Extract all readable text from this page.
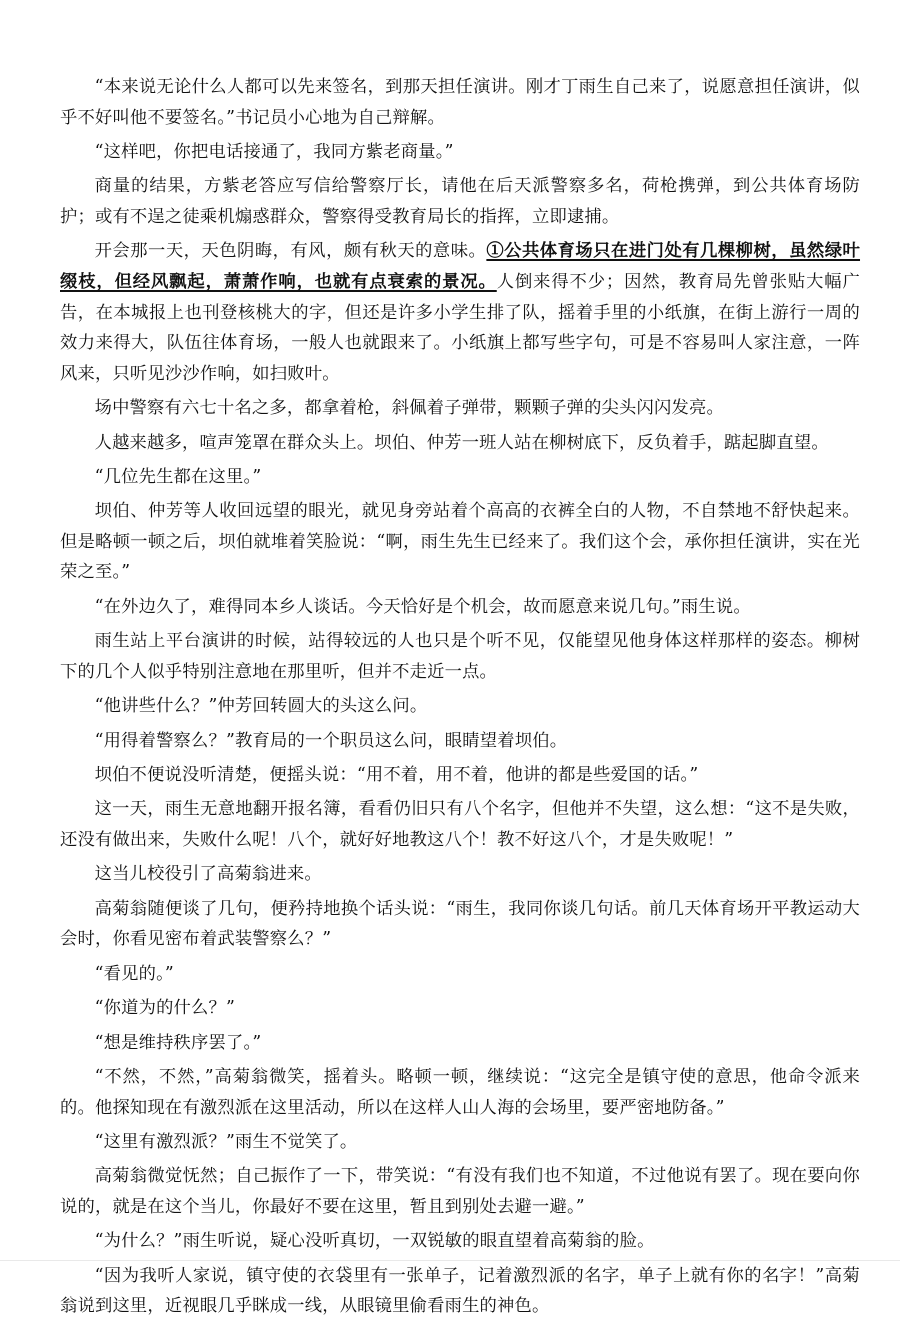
“本来说无论什么人都可以先来签名，到那天担任演讲。刚才丁雨生自己来了，说愿意担任演讲，似乎不好叫他不要签名。”书记员小心地为自己辩解。

“这样吧，你把电话接通了，我同方紫老商量。”

商量的结果，方紫老答应写信给警察厅长，请他在后天派警察多名，荷枪携弹，到公共体育场防护；或有不逞之徒乘机煽惑群众，警察得受教育局长的指挥，立即逮捕。

开会那一天，天色阴晦，有风，颇有秋天的意味。①公共体育场只在进门处有几棵柳树，虽然绿叶缀枝，但经风飘起，萧萧作响，也就有点衰索的景况。人倒来得不少；因然，教育局先曾张贴大幅广告，在本城报上也刊登核桃大的字，但还是许多小学生排了队，摇着手里的小纸旗，在街上游行一周的效力来得大，队伍往体育场，一般人也就跟来了。小纸旗上都写些字句，可是不容易叫人家注意，一阵风来，只听见沙沙作响，如扫败叶。

场中警察有六七十名之多，都拿着枪，斜佩着子弹带，颗颗子弹的尖头闪闪发亮。

人越来越多，喧声笼罩在群众头上。坝伯、仲芳一班人站在柳树底下，反负着手，踮起脚直望。

“几位先生都在这里。”

坝伯、仲芳等人收回远望的眼光，就见身旁站着个高高的衣裤全白的人物，不自禁地不舒快起来。但是略顿一顿之后，坝伯就堆着笑脸说：“啊，雨生先生已经来了。我们这个会，承你担任演讲，实在光荣之至。”

“在外边久了，难得同本乡人谈话。今天恰好是个机会，故而愿意来说几句。”雨生说。

雨生站上平台演讲的时候，站得较远的人也只是个听不见，仅能望见他身体这样那样的姿态。柳树下的几个人似乎特别注意地在那里听，但并不走近一点。

“他讲些什么？”仲芳回转圆大的头这么问。

“用得着警察么？”教育局的一个职员这么问，眼睛望着坝伯。

坝伯不便说没听清楚，便摇头说：“用不着，用不着，他讲的都是些爱国的话。”

这一天，雨生无意地翻开报名簿，看看仍旧只有八个名字，但他并不失望，这么想：“这不是失败，还没有做出来，失败什么呢！八个，就好好地教这八个！教不好这八个，才是失败呢！”

这当儿校役引了高菊翁进来。

高菊翁随便谈了几句，便矜持地换个话头说：“雨生，我同你谈几句话。前几天体育场开平教运动大会时，你看见密布着武装警察么？”

“看见的。”

“你道为的什么？”

“想是维持秩序罢了。”

“不然，不然，”高菊翁微笑，摇着头。略顿一顿，继续说：“这完全是镇守使的意思，他命令派来的。他探知现在有激烈派在这里活动，所以在这样人山人海的会场里，要严密地防备。”

“这里有激烈派？”雨生不觉笑了。

高菊翁微觉怃然；自己振作了一下，带笑说：“有没有我们也不知道，不过他说有罢了。现在要向你说的，就是在这个当儿，你最好不要在这里，暂且到别处去避一避。”

“为什么？”雨生听说，疑心没听真切，一双锐敏的眼直望着高菊翁的脸。

“因为我听人家说，镇守使的衣袋里有一张单子，记着激烈派的名字，单子上就有你的名字！”高菊翁说到这里，近视眼几乎眯成一线，从眼镜里偷看雨生的神色。
